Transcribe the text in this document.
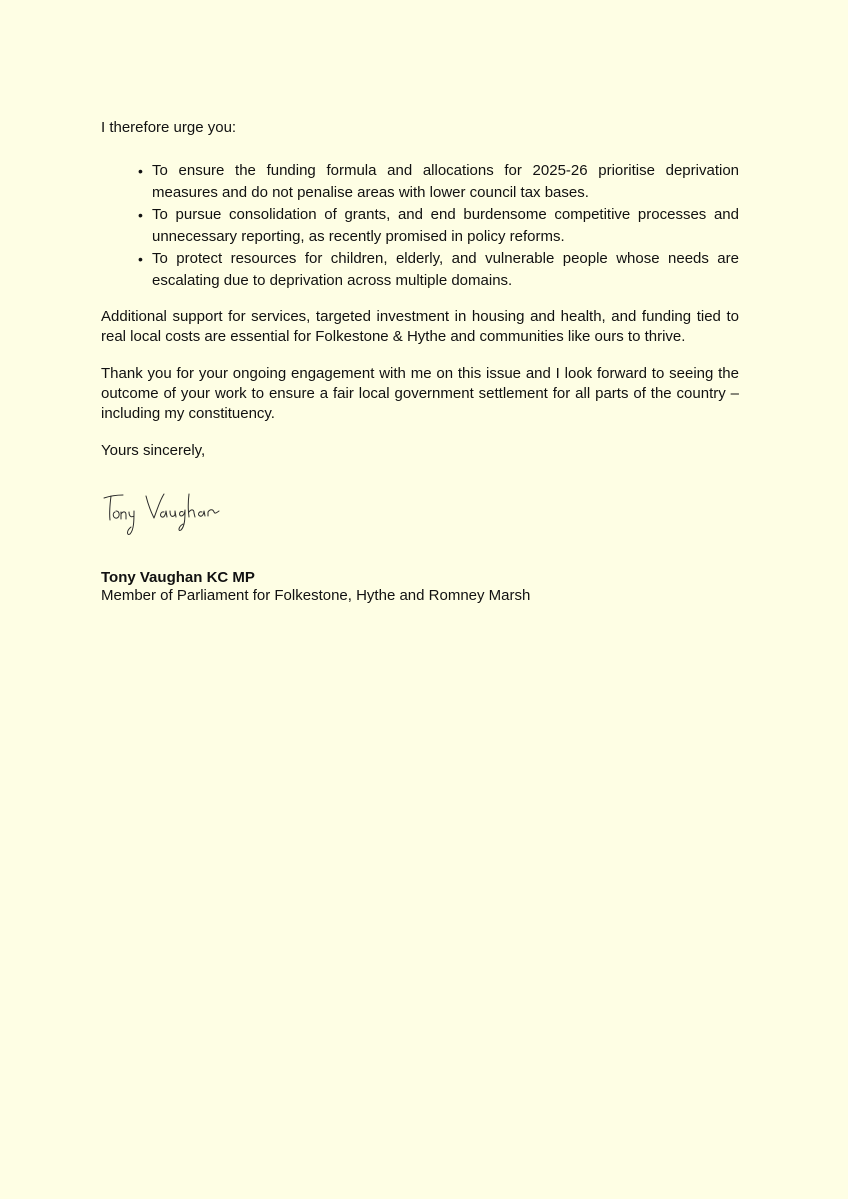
I therefore urge you:

• To ensure the funding formula and allocations for 2025-26 prioritise deprivation measures and do not penalise areas with lower council tax bases.
• To pursue consolidation of grants, and end burdensome competitive processes and unnecessary reporting, as recently promised in policy reforms.
• To protect resources for children, elderly, and vulnerable people whose needs are escalating due to deprivation across multiple domains.

Additional support for services, targeted investment in housing and health, and funding tied to real local costs are essential for Folkestone & Hythe and communities like ours to thrive.

Thank you for your ongoing engagement with me on this issue and I look forward to seeing the outcome of your work to ensure a fair local government settlement for all parts of the country – including my constituency.

Yours sincerely,

Tony Vaughan KC MP
Member of Parliament for Folkestone, Hythe and Romney Marsh
